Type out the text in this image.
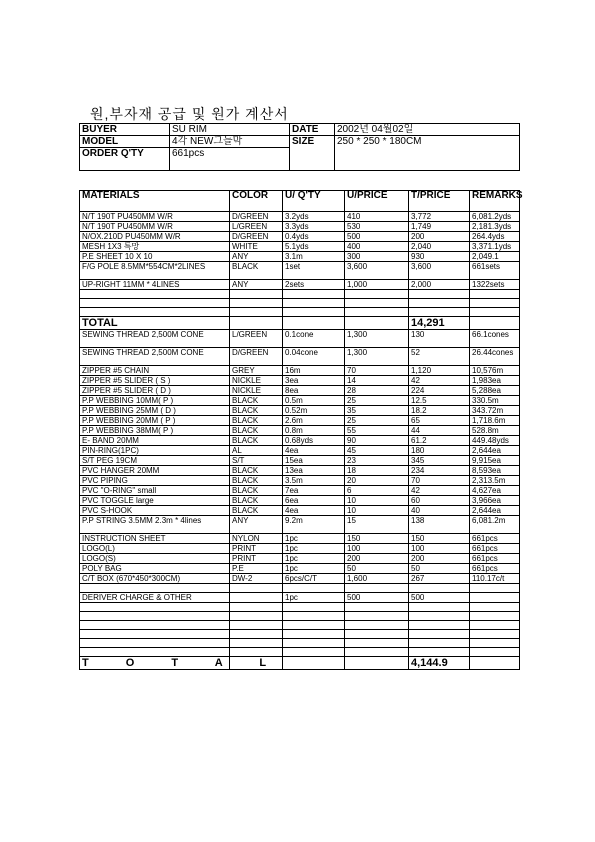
원,부자재 공급 및 원가 계산서
BUYER	SU RIM	DATE	2002년 04월02일
MODEL	4각 NEW그늘막	SIZE	250 * 250 * 180CM
ORDER Q'TY	661pcs		
MATERIALS	COLOR	U/ Q'TY	U/PRICE	T/PRICE	REMARKS
N/T 190T PU450MM W/R	D/GREEN	3.2yds	410	3,772	6,081.2yds
N/T 190T PU450MM W/R	L/GREEN	3.3yds	530	1,749	2,181.3yds
N/OX.210D PU450MM W/R	D/GREEN	0.4yds	500	200	264.4yds
MESH 1X3 특망	WHITE	5.1yds	400	2,040	3,371.1yds
P.E SHEET 10 X 10	ANY	3.1m	300	930	2,049.1
F/G POLE 8.5MM*554CM*2LINES	BLACK	1set	3,600	3,600	661sets
UP-RIGHT 11MM * 4LINES	ANY	2sets	1,000	2,000	1322sets

TOTAL				14,291	
SEWING THREAD 2,500M CONE	L/GREEN	0.1cone	1,300	130	66.1cones
SEWING THREAD 2,500M CONE	D/GREEN	0.04cone	1,300	52	26.44cones
ZIPPER #5 CHAIN	GREY	16m	70	1,120	10,576m
ZIPPER #5 SLIDER ( S )	NICKLE	3ea	14	42	1,983ea
ZIPPER #5 SLIDER ( D )	NICKLE	8ea	28	224	5,288ea
P.P WEBBING 10MM( P )	BLACK	0.5m	25	12.5	330.5m
P.P WEBBING 25MM ( D )	BLACK	0.52m	35	18.2	343.72m
P.P WEBBING 20MM ( P )	BLACK	2.6m	25	65	1,718.6m
P.P WEBBING 38MM( P )	BLACK	0.8m	55	44	528.8m
E- BAND 20MM	BLACK	0.68yds	90	61.2	449.48yds
PIN-RING(1PC)	AL	4ea	45	180	2,644ea
S/T PEG 19CM	S/T	15ea	23	345	9,915ea
PVC HANGER 20MM	BLACK	13ea	18	234	8,593ea
PVC PIPING	BLACK	3.5m	20	70	2,313.5m
PVC "O-RING" small	BLACK	7ea	6	42	4,627ea
PVC TOGGLE large	BLACK	6ea	10	60	3,966ea
PVC S-HOOK	BLACK	4ea	10	40	2,644ea
P.P STRING 3.5MM 2.3m * 4lines	ANY	9.2m	15	138	6,081.2m
INSTRUCTION SHEET	NYLON	1pc	150	150	661pcs
LOGO(L)	PRINT	1pc	100	100	661pcs
LOGO(S)	PRINT	1pc	200	200	661pcs
POLY BAG	P.E	1pc	50	50	661pcs
C/T BOX (670*450*300CM)	DW-2	6pcs/C/T	1,600	267	110.17c/t

DERIVER CHARGE & OTHER		1pc	500	500	

T O T A L				4,144.9	
